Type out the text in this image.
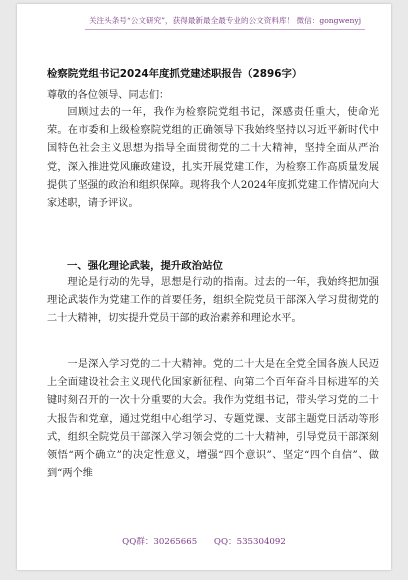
关注头条号“公文研究”，获得最新最全最专业的公文资料库！ 微信：gongwenyj
检察院党组书记2024年度抓党建述职报告（2896字）
尊敬的各位领导、同志们：

回顾过去的一年，我作为检察院党组书记，深感责任重大，使命光荣。在市委和上级检察院党组的正确领导下我始终坚持以习近平新时代中国特色社会主义思想为指导全面贯彻党的二十大精神，坚持全面从严治党，深入推进党风廉政建设，扎实开展党建工作，为检察工作高质量发展提供了坚强的政治和组织保障。现将我个人2024年度抓党建工作情况向大家述职，请予评议。

一、强化理论武装，提升政治站位

理论是行动的先导，思想是行动的指南。过去的一年，我始终把加强理论武装作为党建工作的首要任务，组织全院党员干部深入学习贯彻党的二十大精神，切实提升党员干部的政治素养和理论水平。

一是深入学习党的二十大精神。党的二十大是在全党全国各族人民迈上全面建设社会主义现代化国家新征程、向第二个百年奋斗目标进军的关键时刻召开的一次十分重要的大会。我作为党组书记，带头学习党的二十大报告和党章，通过党组中心组学习、专题党课、支部主题党日活动等形式，组织全院党员干部深入学习领会党的二十大精神，引导党员干部深刻领悟“两个确立”的决定性意义，增强“四个意识”、坚定“四个自信”、做到“两个维

QQ群：30265665 QQ：535304092
